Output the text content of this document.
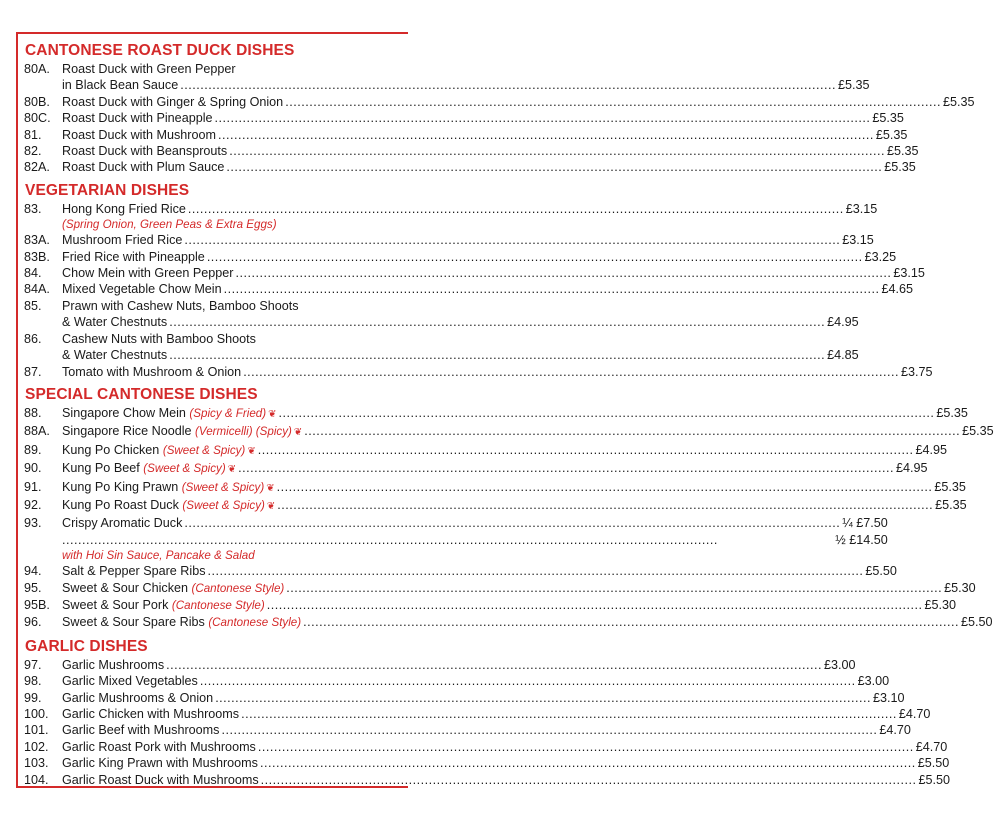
CANTONESE ROAST DUCK DISHES
80A. Roast Duck with Green Pepper
in Black Bean Sauce .....	£5.35
80B. Roast Duck with Ginger & Spring Onion .....	£5.35
80C. Roast Duck with Pineapple .....	£5.35
81.	Roast Duck with Mushroom .....	£5.35
82.	Roast Duck with Beansprouts .....	£5.35
82A. Roast Duck with Plum Sauce .....	£5.35
VEGETARIAN DISHES
83.	Hong Kong Fried Rice .....	£3.15
(Spring Onion, Green Peas & Extra Eggs)
83A. Mushroom Fried Rice .....	£3.15
83B. Fried Rice with Pineapple .....	£3.25
84.	Chow Mein with Green Pepper .....	£3.15
84A. Mixed Vegetable Chow Mein .....	£4.65
85.	Prawn with Cashew Nuts, Bamboo Shoots
& Water Chestnuts .....	£4.95
86.	Cashew Nuts with Bamboo Shoots
& Water Chestnuts .....	£4.85
87.	Tomato with Mushroom & Onion .....	£3.75
SPECIAL CANTONESE DISHES
88.	Singapore Chow Mein
(Spicy & Fried) ❦ .....	£5.35
88A. Singapore Rice Noodle
(Vermicelli) (Spicy) ❦ .....	£5.35
89.	Kung Po Chicken
(Sweet & Spicy) ❦ .....	£4.95
90.	Kung Po Beef
(Sweet & Spicy) ❦ .....	£4.95
91.	Kung Po King Prawn
(Sweet & Spicy) ❦ .....	£5.35
92.	Kung Po Roast Duck
(Sweet & Spicy) ❦ .....	£5.35
93.	Crispy Aromatic Duck .....	¼ £7.50
.....
½ £14.50
with Hoi Sin Sauce, Pancake & Salad
94.	Salt & Pepper Spare Ribs .....	£5.50
95.	Sweet & Sour Chicken
(Cantonese Style) .....	£5.30
95B. Sweet & Sour Pork
(Cantonese Style) .....	£5.30
96.	Sweet & Sour Spare Ribs
(Cantonese Style) .....	£5.50
GARLIC DISHES
97.	Garlic Mushrooms .....	£3.00
98.	Garlic Mixed Vegetables .....	£3.00
99.	Garlic Mushrooms & Onion .....	£3.10
100.	Garlic Chicken with Mushrooms .....	£4.70
101.	Garlic Beef with Mushrooms .....	£4.70
102.	Garlic Roast Pork with Mushrooms .....	£4.70
103.	Garlic King Prawn with Mushrooms .....	£5.50
104.	Garlic Roast Duck with Mushrooms .....	£5.50
